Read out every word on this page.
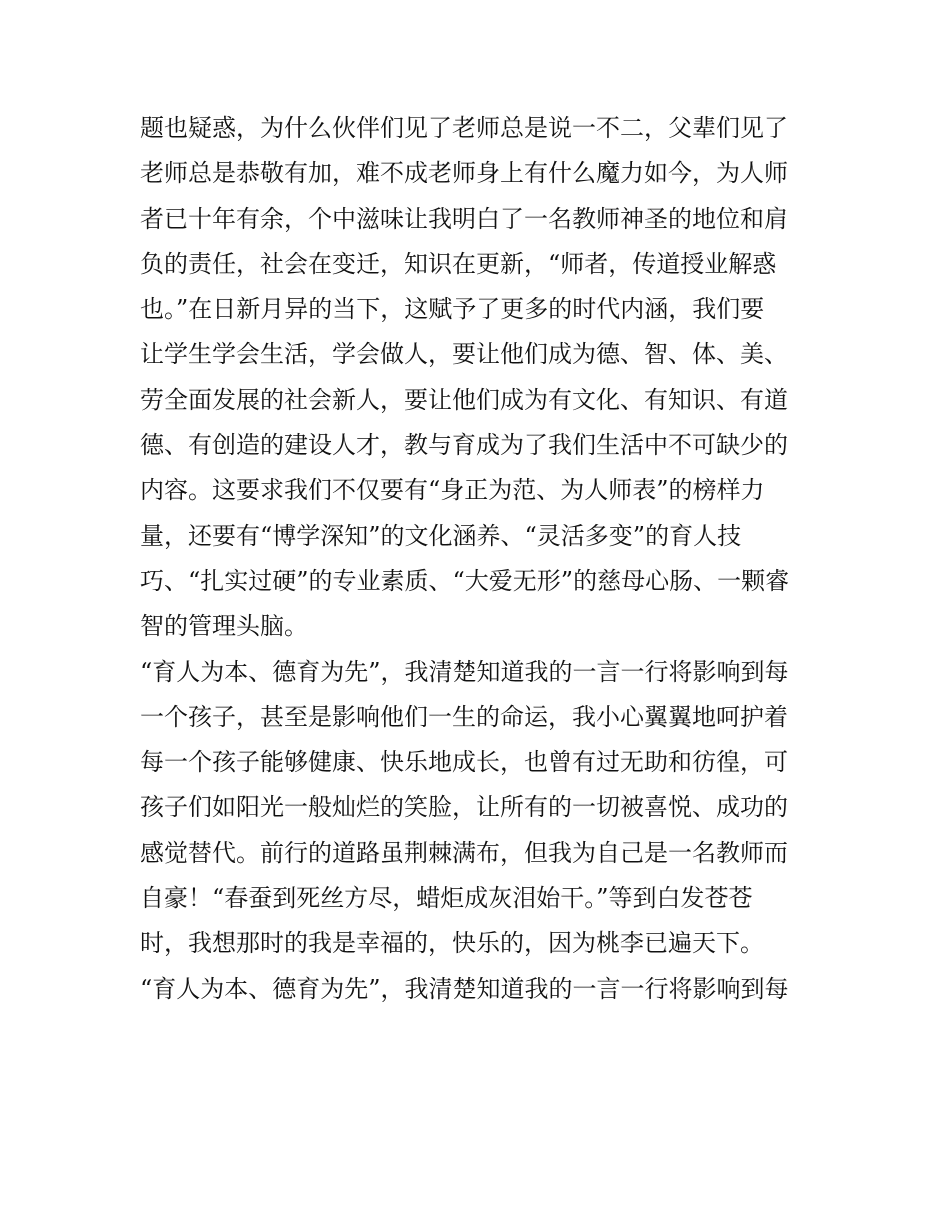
题也疑惑，为什么伙伴们见了老师总是说一不二，父辈们见了
老师总是恭敬有加，难不成老师身上有什么魔力如今，为人师
者已十年有余，个中滋味让我明白了一名教师神圣的地位和肩
负的责任，社会在变迁，知识在更新，“师者，传道授业解惑
也。”在日新月异的当下，这赋予了更多的时代内涵，我们要
让学生学会生活，学会做人，要让他们成为德、智、体、美、
劳全面发展的社会新人，要让他们成为有文化、有知识、有道
德、有创造的建设人才，教与育成为了我们生活中不可缺少的
内容。这要求我们不仅要有“身正为范、为人师表”的榜样力
量，还要有“博学深知”的文化涵养、“灵活多变”的育人技
巧、“扎实过硬”的专业素质、“大爱无形”的慈母心肠、一颗睿
智的管理头脑。
“育人为本、德育为先”，我清楚知道我的一言一行将影响到每
一个孩子，甚至是影响他们一生的命运，我小心翼翼地呵护着
每一个孩子能够健康、快乐地成长，也曾有过无助和彷徨，可
孩子们如阳光一般灿烂的笑脸，让所有的一切被喜悦、成功的
感觉替代。前行的道路虽荆棘满布，但我为自己是一名教师而
自豪！“春蚕到死丝方尽，蜡炬成灰泪始干。”等到白发苍苍
时，我想那时的我是幸福的，快乐的，因为桃李已遍天下。
“育人为本、德育为先”，我清楚知道我的一言一行将影响到每
